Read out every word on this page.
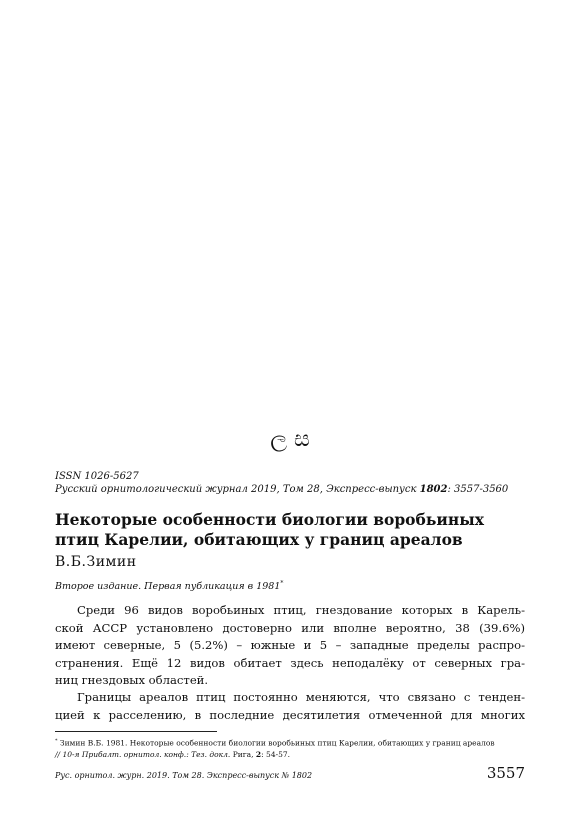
ල ස
ISSN 1026-5627
Русский орнитологический журнал 2019, Том 28, Экспресс-выпуск 1802: 3557-3560
Некоторые особенности биологии воробьиных
птиц Карелии, обитающих у границ ареалов
В.Б.Зимин
Второе издание. Первая публикация в 1981*
Среди 96 видов воробьиных птиц, гнездование которых в Карель-
ской АССР установлено достоверно или вполне вероятно, 38 (39.6%)
имеют северные, 5 (5.2%) – южные и 5 – западные пределы распро-
странения. Ещё 12 видов обитает здесь неподалёку от северных гра-
ниц гнездовых областей.
Границы ареалов птиц постоянно меняются, что связано с тенден-
цией к расселению, в последние десятилетия отмеченной для многих
* Зимин В.Б. 1981. Некоторые особенности биологии воробьиных птиц Карелии, обитающих у границ ареалов
// 10-я Прибалт. орнитол. конф.: Тез. докл. Рига, 2: 54-57.
Рус. орнитол. журн. 2019. Том 28. Экспресс-выпуск № 1802	3557
